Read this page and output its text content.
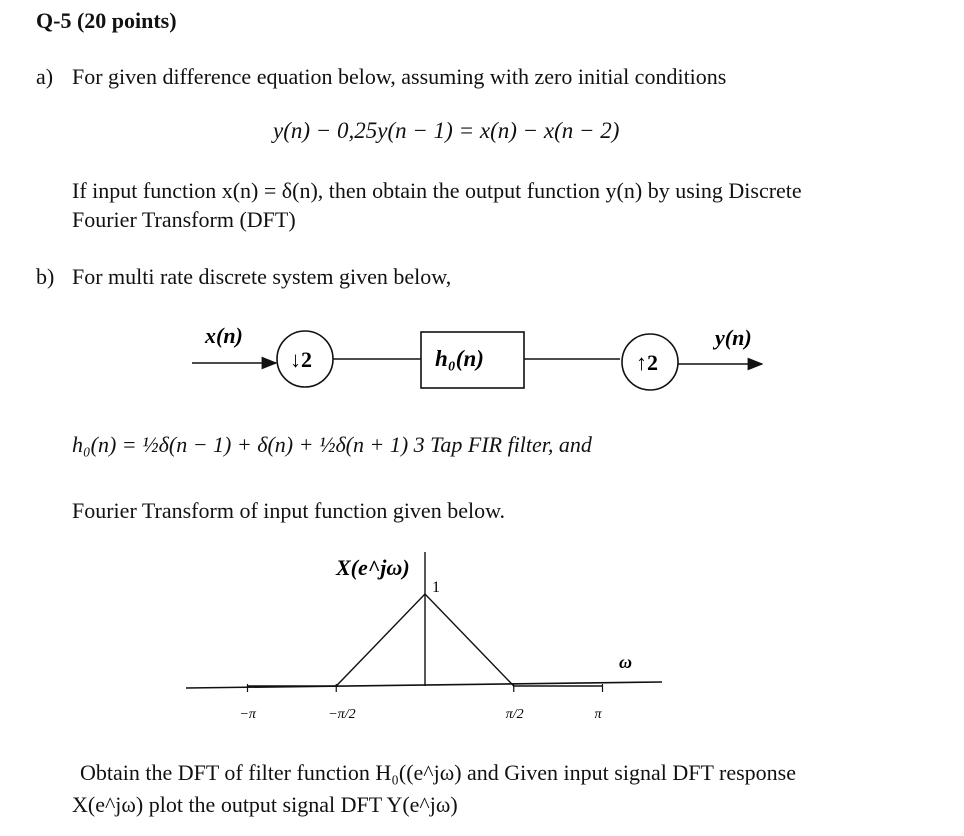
Q-5 (20 points)
a) For given difference equation below, assuming with zero initial conditions
y(n) − 0,25y(n − 1) = x(n) − x(n − 2)
If input function x(n) = δ(n), then obtain the output function y(n) by using Discrete
Fourier Transform (DFT)
b) For multi rate discrete system given below,
x(n)
↓2	h₀(n)	↑2
y(n)
h₀(n) = ½δ(n − 1) + δ(n) + ½δ(n + 1) 3 Tap FIR filter, and
Fourier Transform of input function given below.
X(e^jω)
ω
1
−π	−π/2	π/2	π
Obtain the DFT of filter function H₀((e^jω) and Given input signal DFT response
X(e^jω) plot the output signal DFT Y(e^jω)
